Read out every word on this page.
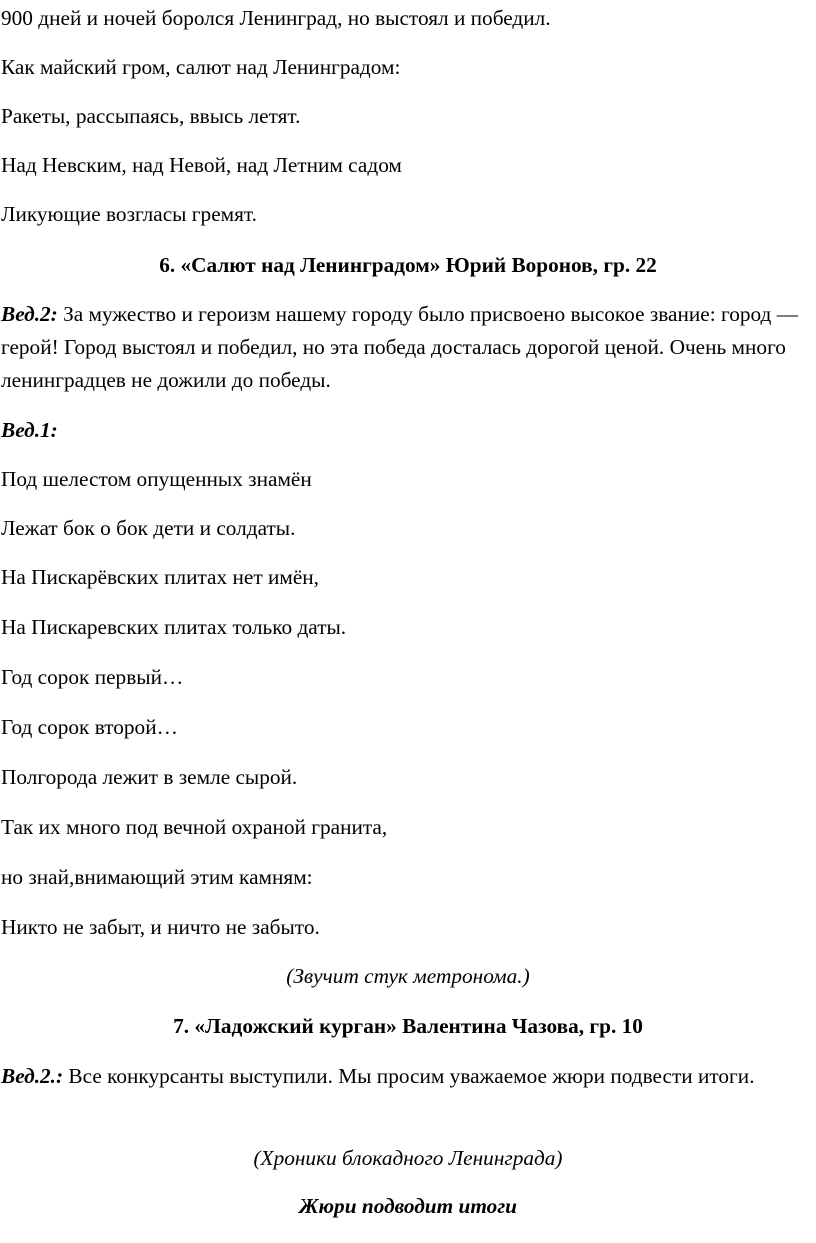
900 дней и ночей боролся Ленинград, но выстоял и победил.
Как майский гром, салют над Ленинградом:
Ракеты, рассыпаясь, ввысь летят.
Над Невским, над Невой, над Летним садом
Ликующие возгласы гремят.
6. «Салют над Ленинградом» Юрий Воронов, гр. 22
Вед.2: За мужество и героизм нашему городу было присвоено высокое звание: город — герой! Город выстоял и победил, но эта победа досталась дорогой ценой. Очень много ленинградцев не дожили до победы.
Вед.1:
Под шелестом опущенных знамён
Лежат бок о бок дети и солдаты.
На Пискарёвских плитах нет имён,
На Пискаревских плитах только даты.
Год сорок первый…
Год сорок второй…
Полгорода лежит в земле сырой.
Так их много под вечной охраной гранита,
но знай,внимающий этим камням:
Никто не забыт, и ничто не забыто.
(Звучит стук метронома.)
7. «Ладожский курган» Валентина Чазова, гр. 10
Вед.2.: Все конкурсанты выступили. Мы просим уважаемое жюри подвести итоги.
(Хроники блокадного Ленинграда)
Жюри подводит итоги
